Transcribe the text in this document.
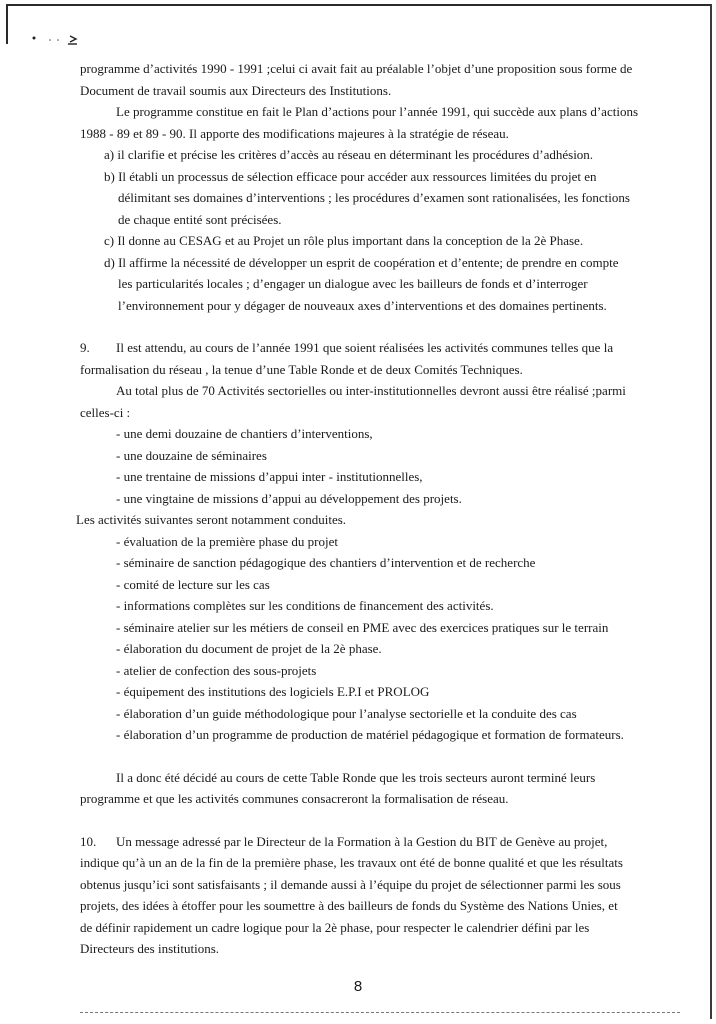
programme d’activités 1990 - 1991 ;celui ci avait fait au préalable l’objet d’une proposition sous forme de

Document de travail soumis aux Directeurs des Institutions.

Le programme constitue en fait le Plan d’actions pour l’année 1991, qui succède aux plans d’actions

1988 - 89 et 89 - 90. Il apporte des modifications majeures à la stratégie de réseau.

a) il clarifie et précise les critères d’accès au réseau en déterminant les procédures d’adhésion.

b) Il établi un processus de sélection efficace pour accéder aux ressources limitées du projet en

délimitant ses domaines d’interventions ; les procédures d’examen sont rationalisées, les fonctions

de chaque entité sont précisées.

c) Il donne au CESAG et au Projet un rôle plus important dans la conception de la 2è Phase.

d) Il affirme la nécessité de développer un esprit de coopération et d’entente; de prendre en compte

les particularités locales ; d’engager un dialogue avec les bailleurs de fonds et d’interroger

l’environnement pour y dégager de nouveaux axes d’interventions et des domaines pertinents.

9. Il est attendu, au cours de l’année 1991 que soient réalisées les activités communes telles que la

formalisation du réseau , la tenue d’une Table Ronde et de deux Comités Techniques.

Au total plus de 70 Activités sectorielles ou inter-institutionnelles devront aussi être réalisé ;parmi

celles-ci :

- une demi douzaine de chantiers d’interventions,

- une douzaine de séminaires

- une trentaine de missions d’appui inter - institutionnelles,

- une vingtaine de missions d’appui au développement des projets.

Les activités suivantes seront notamment conduites.

- évaluation de la première phase du projet

- séminaire de sanction pédagogique des chantiers d’intervention et de recherche

- comité de lecture sur les cas

- informations complètes sur les conditions de financement des activités.

- séminaire atelier sur les métiers de conseil en PME avec des exercices pratiques sur le terrain

- élaboration du document de projet de la 2è phase.

- atelier de confection des sous-projets

- équipement des institutions des logiciels E.P.I et PROLOG

- élaboration d’un guide méthodologique pour l’analyse sectorielle et la conduite des cas

- élaboration d’un programme de production de matériel pédagogique et formation de formateurs.

Il a donc été décidé au cours de cette Table Ronde que les trois secteurs auront terminé leurs

programme et que les activités communes consacreront la formalisation de réseau.

10. Un message adressé par le Directeur de la Formation à la Gestion du BIT de Genève au projet,

indique qu’à un an de la fin de la première phase, les travaux ont été de bonne qualité et que les résultats

obtenus jusqu’ici sont satisfaisants ; il demande aussi à l’équipe du projet de sélectionner parmi les sous

projets, des idées à étoffer pour les soumettre à des bailleurs de fonds du Système des Nations Unies, et

de définir rapidement un cadre logique pour la 2è phase, pour respecter le calendrier défini par les

Directeurs des institutions.

8
